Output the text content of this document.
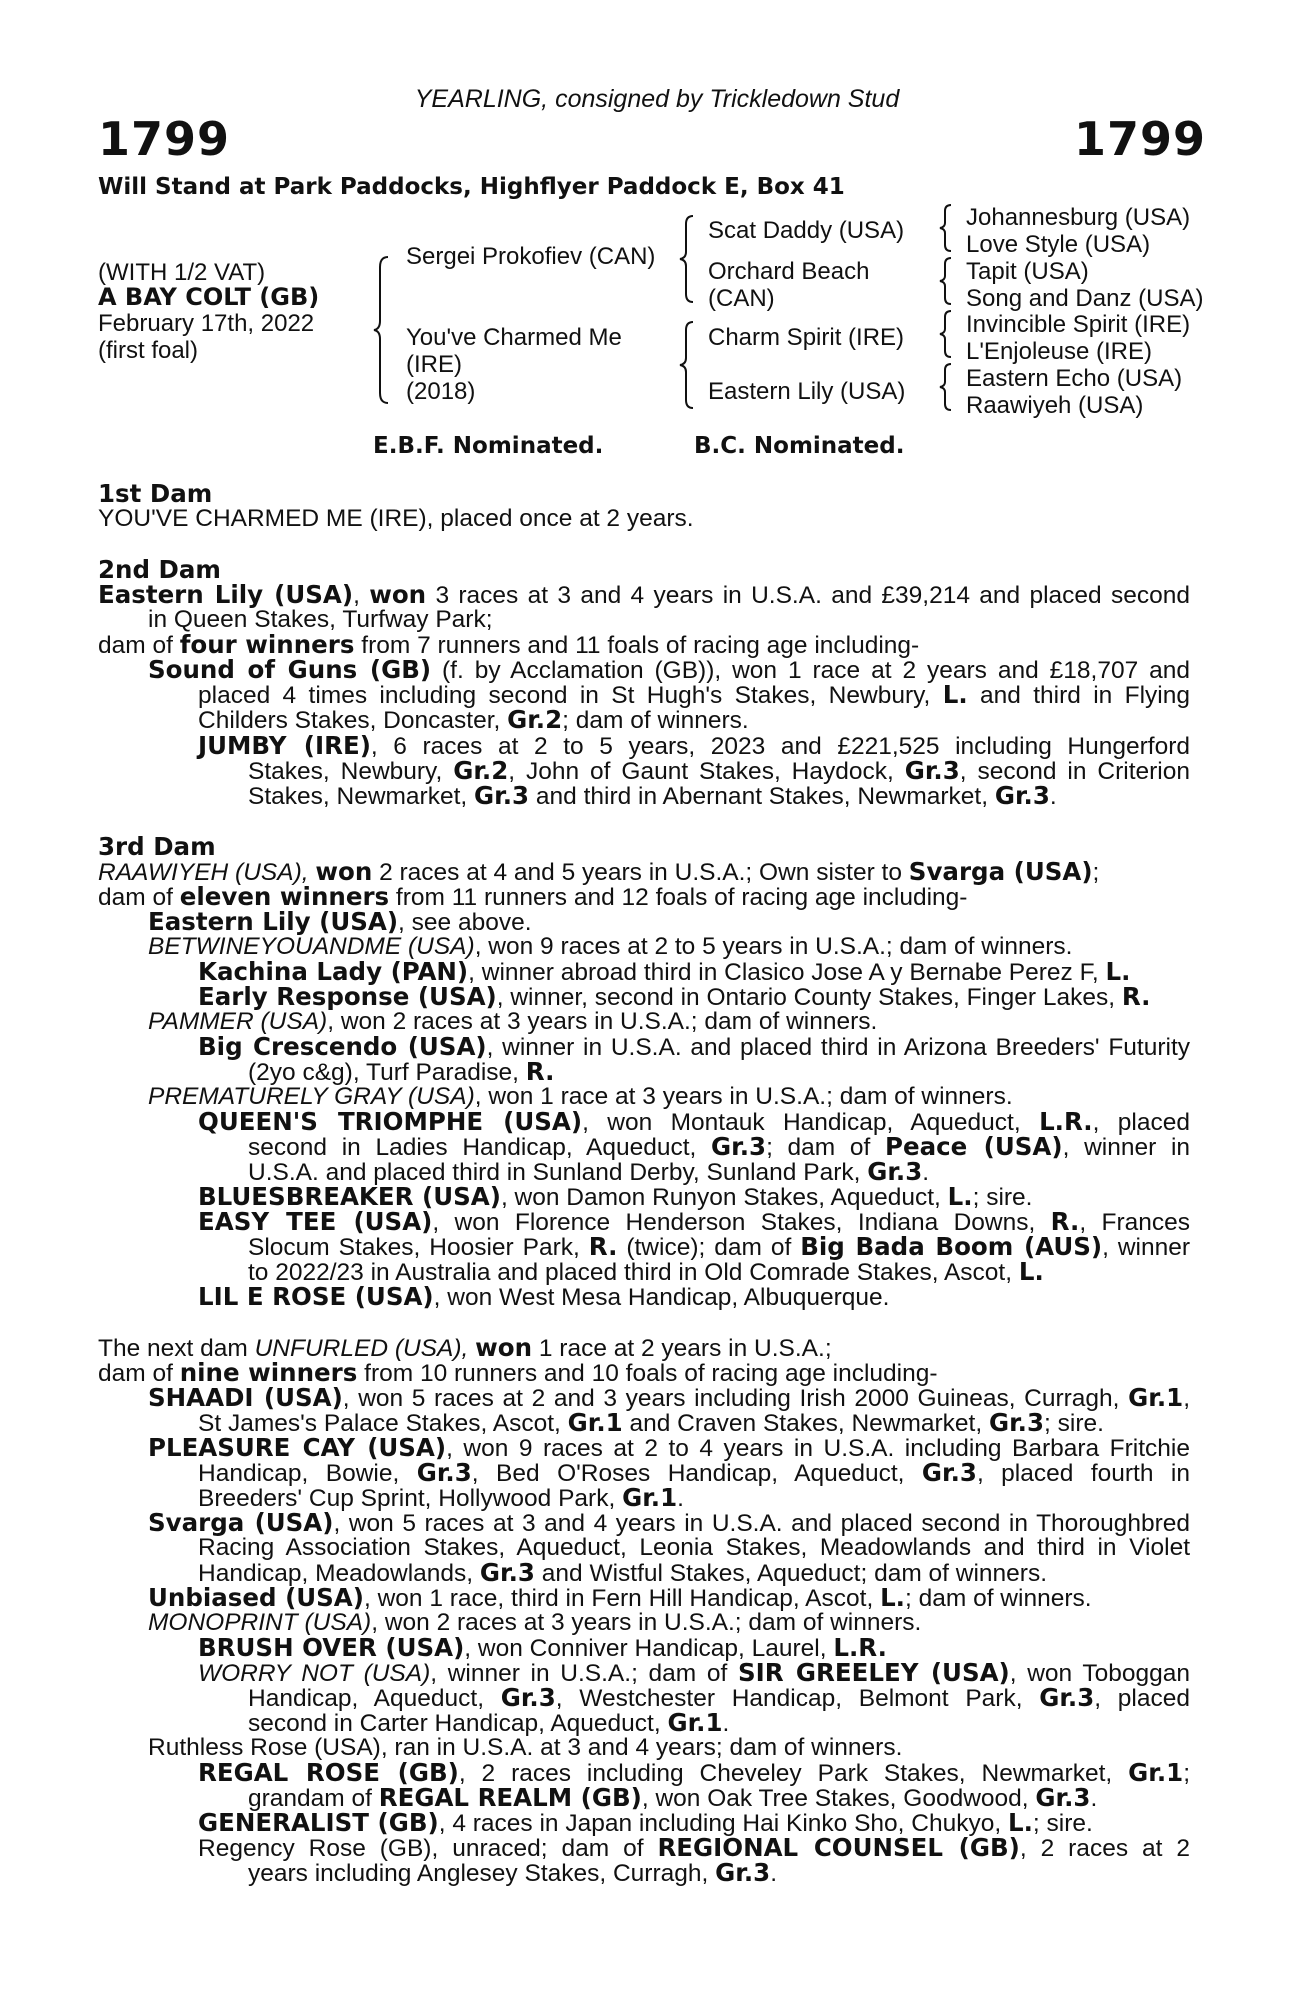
YEARLING, consigned by Trickledown Stud
1799	1799
Will Stand at Park Paddocks, Highflyer Paddock E, Box 41
(WITH 1/2 VAT)
A BAY COLT (GB)
February 17th, 2022
(first foal)
Sergei Prokofiev (CAN)
You've Charmed Me
(IRE)
(2018)
Scat Daddy (USA)
Orchard Beach
(CAN)
Charm Spirit (IRE)
Eastern Lily (USA)
Johannesburg (USA)
Love Style (USA)
Tapit (USA)
Song and Danz (USA)
Invincible Spirit (IRE)
L'Enjoleuse (IRE)
Eastern Echo (USA)
Raawiyeh (USA)
E.B.F. Nominated.	B.C. Nominated.
1st Dam
YOU'VE CHARMED ME (IRE), placed once at 2 years.
2nd Dam
Eastern Lily (USA), won 3 races at 3 and 4 years in U.S.A. and £39,214 and placed second
in Queen Stakes, Turfway Park;
dam of four winners from 7 runners and 11 foals of racing age including-
Sound of Guns (GB) (f. by Acclamation (GB)), won 1 race at 2 years and £18,707 and
placed 4 times including second in St Hugh's Stakes, Newbury, L. and third in Flying
Childers Stakes, Doncaster, Gr.2; dam of winners.
JUMBY (IRE), 6 races at 2 to 5 years, 2023 and £221,525 including Hungerford
Stakes, Newbury, Gr.2, John of Gaunt Stakes, Haydock, Gr.3, second in Criterion
Stakes, Newmarket, Gr.3 and third in Abernant Stakes, Newmarket, Gr.3.
3rd Dam
RAAWIYEH (USA), won 2 races at 4 and 5 years in U.S.A.; Own sister to Svarga (USA);
dam of eleven winners from 11 runners and 12 foals of racing age including-
Eastern Lily (USA), see above.
BETWINEYOUANDME (USA), won 9 races at 2 to 5 years in U.S.A.; dam of winners.
Kachina Lady (PAN), winner abroad third in Clasico Jose A y Bernabe Perez F, L.
Early Response (USA), winner, second in Ontario County Stakes, Finger Lakes, R.
PAMMER (USA), won 2 races at 3 years in U.S.A.; dam of winners.
Big Crescendo (USA), winner in U.S.A. and placed third in Arizona Breeders' Futurity
(2yo c&g), Turf Paradise, R.
PREMATURELY GRAY (USA), won 1 race at 3 years in U.S.A.; dam of winners.
QUEEN'S TRIOMPHE (USA), won Montauk Handicap, Aqueduct, L.R., placed
second in Ladies Handicap, Aqueduct, Gr.3; dam of Peace (USA), winner in
U.S.A. and placed third in Sunland Derby, Sunland Park, Gr.3.
BLUESBREAKER (USA), won Damon Runyon Stakes, Aqueduct, L.; sire.
EASY TEE (USA), won Florence Henderson Stakes, Indiana Downs, R., Frances
Slocum Stakes, Hoosier Park, R. (twice); dam of Big Bada Boom (AUS), winner
to 2022/23 in Australia and placed third in Old Comrade Stakes, Ascot, L.
LIL E ROSE (USA), won West Mesa Handicap, Albuquerque.
The next dam UNFURLED (USA), won 1 race at 2 years in U.S.A.;
dam of nine winners from 10 runners and 10 foals of racing age including-
SHAADI (USA), won 5 races at 2 and 3 years including Irish 2000 Guineas, Curragh, Gr.1,
St James's Palace Stakes, Ascot, Gr.1 and Craven Stakes, Newmarket, Gr.3; sire.
PLEASURE CAY (USA), won 9 races at 2 to 4 years in U.S.A. including Barbara Fritchie
Handicap, Bowie, Gr.3, Bed O'Roses Handicap, Aqueduct, Gr.3, placed fourth in
Breeders' Cup Sprint, Hollywood Park, Gr.1.
Svarga (USA), won 5 races at 3 and 4 years in U.S.A. and placed second in Thoroughbred
Racing Association Stakes, Aqueduct, Leonia Stakes, Meadowlands and third in Violet
Handicap, Meadowlands, Gr.3 and Wistful Stakes, Aqueduct; dam of winners.
Unbiased (USA), won 1 race, third in Fern Hill Handicap, Ascot, L.; dam of winners.
MONOPRINT (USA), won 2 races at 3 years in U.S.A.; dam of winners.
BRUSH OVER (USA), won Conniver Handicap, Laurel, L.R.
WORRY NOT (USA), winner in U.S.A.; dam of SIR GREELEY (USA), won Toboggan
Handicap, Aqueduct, Gr.3, Westchester Handicap, Belmont Park, Gr.3, placed
second in Carter Handicap, Aqueduct, Gr.1.
Ruthless Rose (USA), ran in U.S.A. at 3 and 4 years; dam of winners.
REGAL ROSE (GB), 2 races including Cheveley Park Stakes, Newmarket, Gr.1;
grandam of REGAL REALM (GB), won Oak Tree Stakes, Goodwood, Gr.3.
GENERALIST (GB), 4 races in Japan including Hai Kinko Sho, Chukyo, L.; sire.
Regency Rose (GB), unraced; dam of REGIONAL COUNSEL (GB), 2 races at 2
years including Anglesey Stakes, Curragh, Gr.3.
